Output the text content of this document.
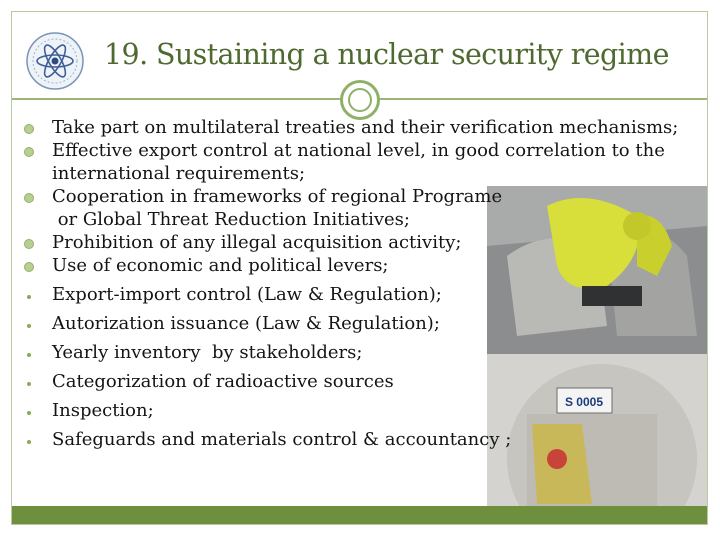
19. Sustaining a nuclear security regime
S 0005
Take part on multilateral treaties and their verification mechanisms;
Effective export control at national level, in good correlation to the
international requirements;
Cooperation in frameworks of regional Programe
or Global Threat Reduction Initiatives;
Prohibition of any illegal acquisition activity;
Use of economic and political levers;
Export-import control (Law & Regulation);
Autorization issuance (Law & Regulation);
Yearly inventory  by stakeholders;
Categorization of radioactive sources
Inspection;
Safeguards and materials control & accountancy ;
